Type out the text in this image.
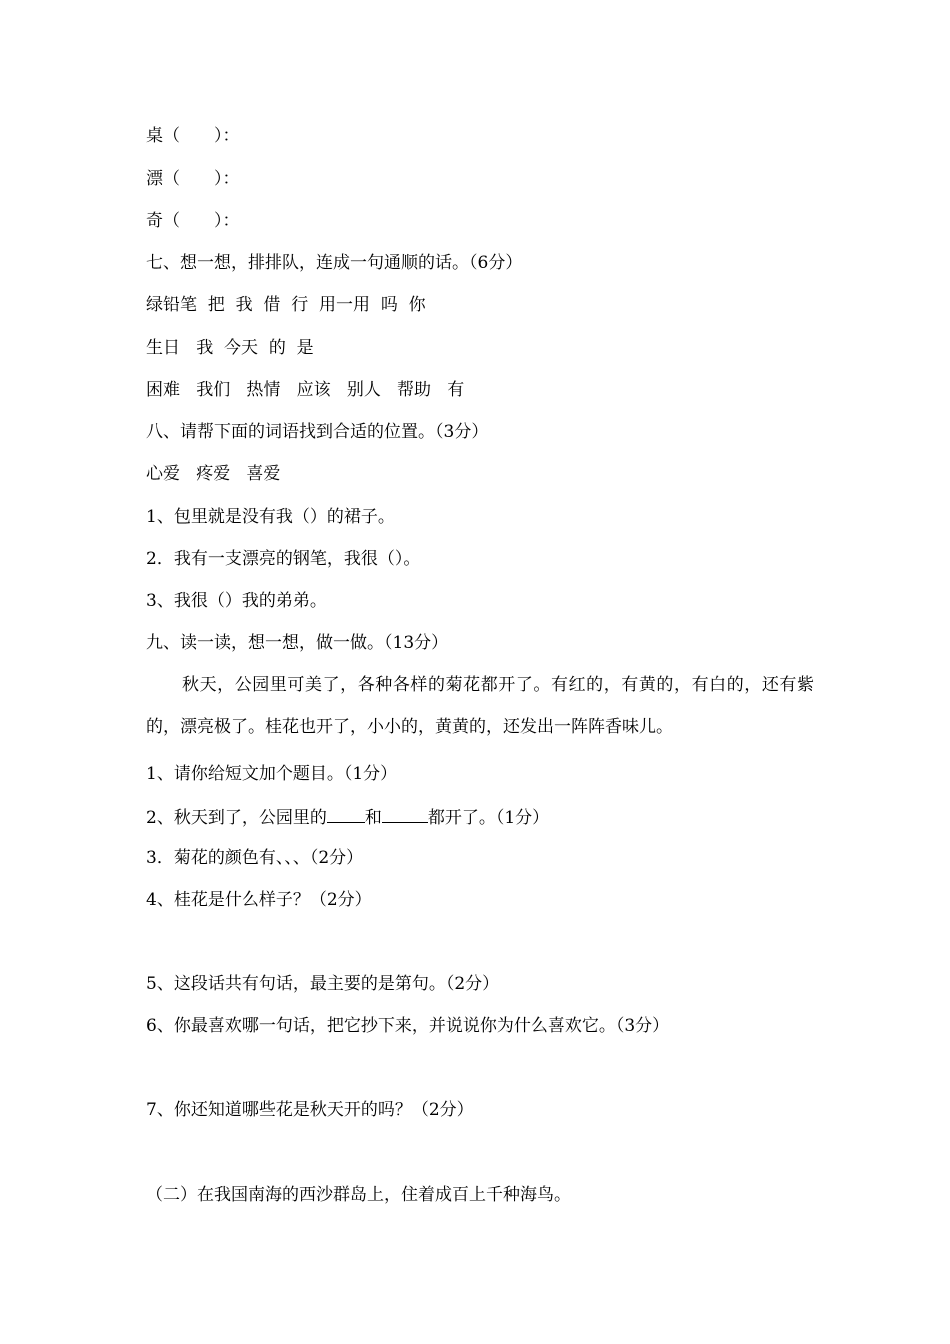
桌（　　）：
漂（　　）：
奇（　　）：
七、想一想，排排队，连成一句通顺的话。（6分）
绿铅笔  把  我  借  行  用一用  吗  你
生日   我  今天  的  是
困难   我们   热情   应该   别人   帮助   有
八、请帮下面的词语找到合适的位置。（3分）
心爱   疼爱   喜爱
1、包里就是没有我（）的裙子。
2．我有一支漂亮的钢笔，我很（）。
3、我很（）我的弟弟。
九、读一读，想一想，做一做。（13分）
秋天，公园里可美了，各种各样的菊花都开了。有红的，有黄的，有白的，还有紫的，漂亮极了。桂花也开了，小小的，黄黄的，还发出一阵阵香味儿。
1、请你给短文加个题目。（1分）
2、秋天到了，公园里的 和	都开了。（1分）
3．菊花的颜色有、、、（2分）
4、桂花是什么样子？（2分）
5、这段话共有句话，最主要的是第句。（2分）
6、你最喜欢哪一句话，把它抄下来，并说说你为什么喜欢它。（3分）
7、你还知道哪些花是秋天开的吗？（2分）
（二）在我国南海的西沙群岛上，住着成百上千种海鸟。
